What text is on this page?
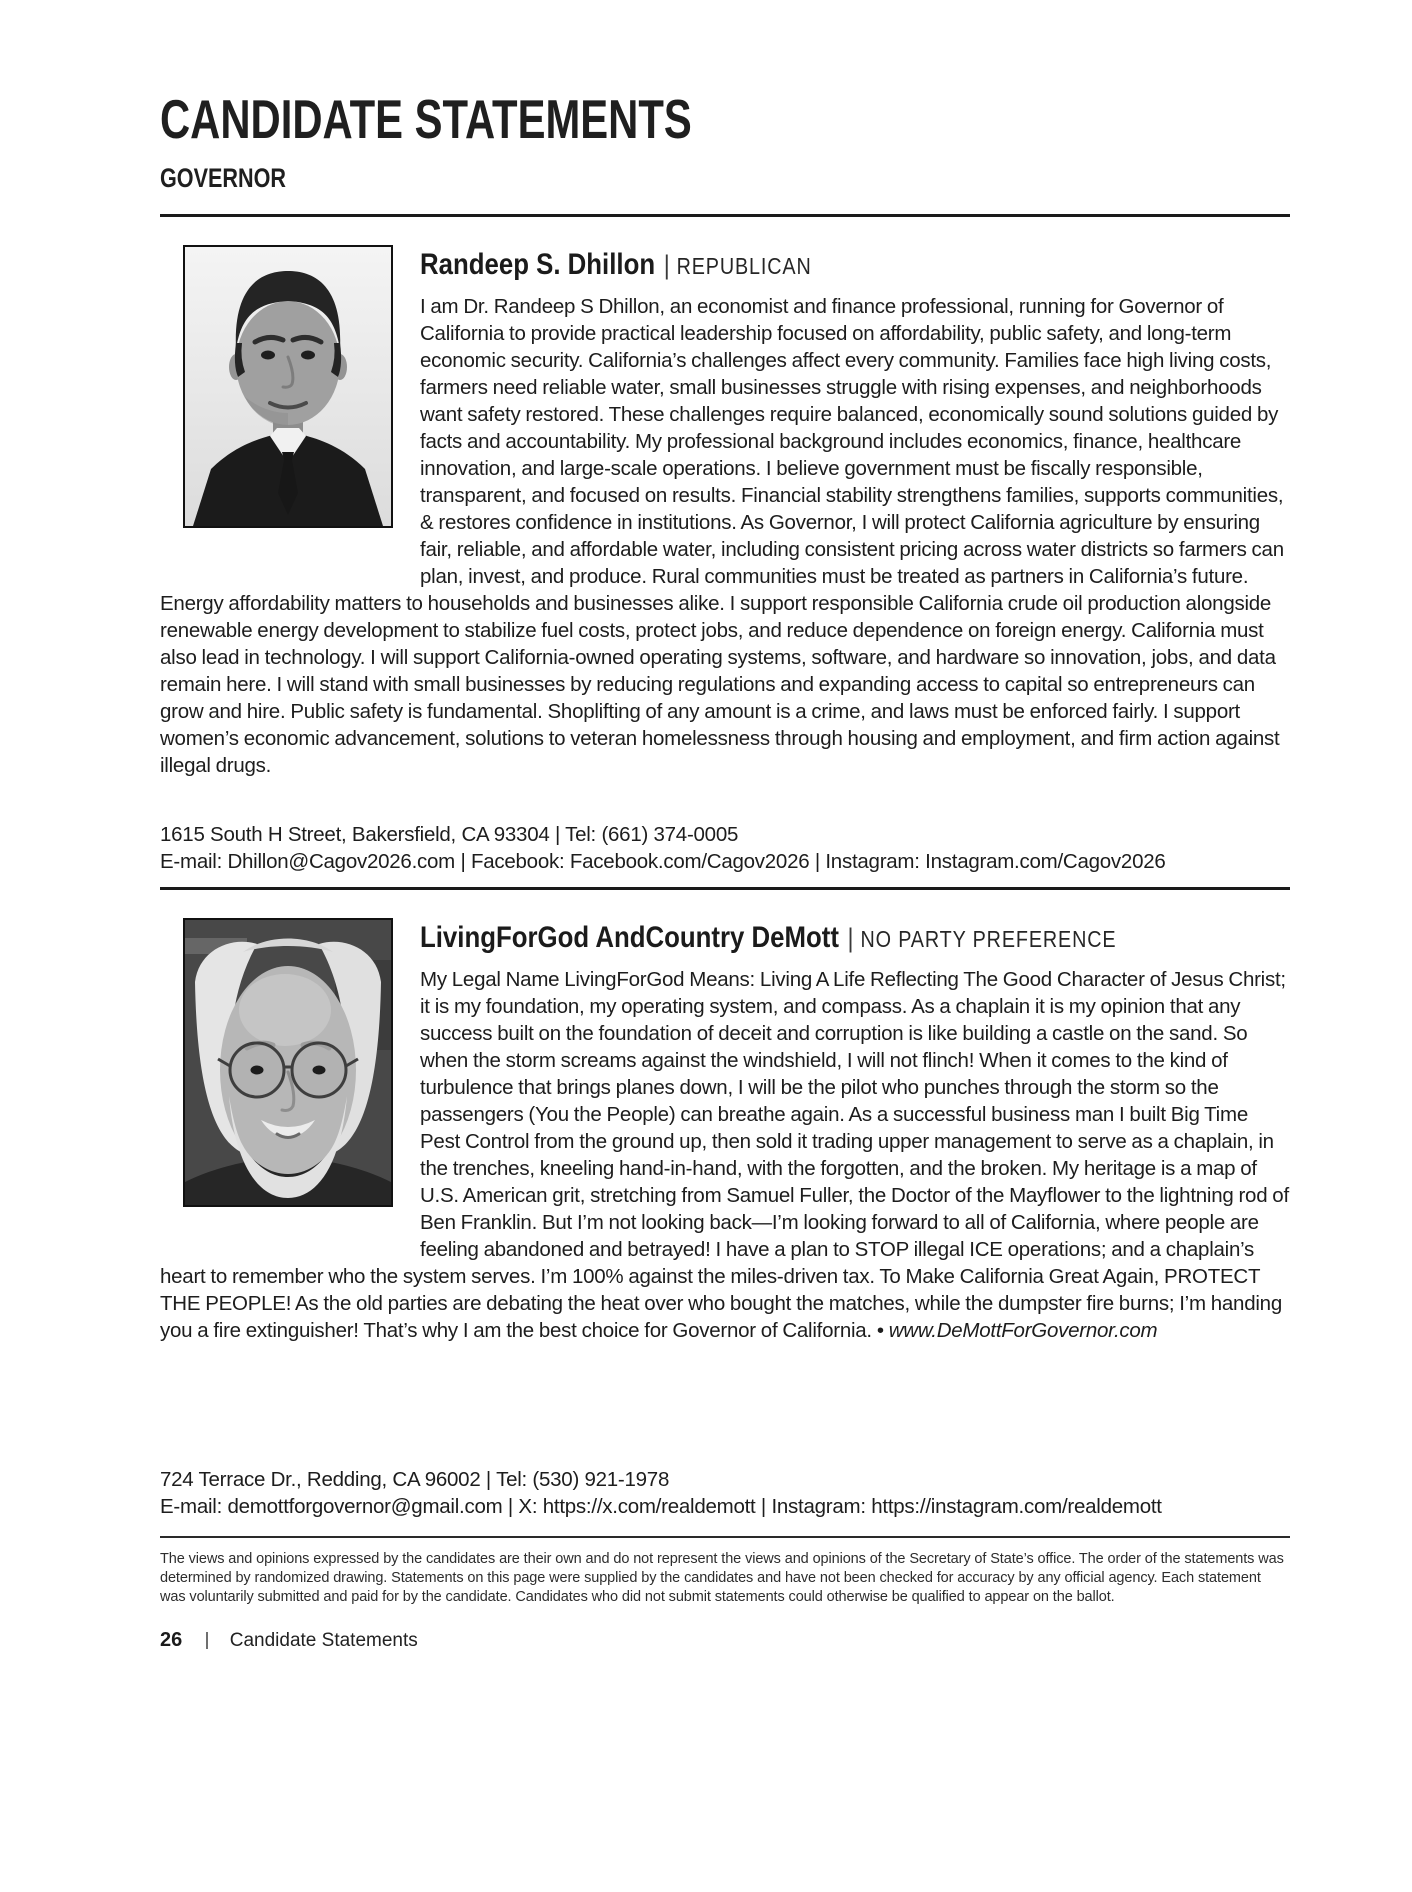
CANDIDATE STATEMENTS
GOVERNOR
Randeep S. Dhillon | REPUBLICAN

I am Dr. Randeep S Dhillon, an economist and finance professional, running for Governor of California to provide practical leadership focused on affordability, public safety, and long-term economic security. California’s challenges affect every community. Families face high living costs, farmers need reliable water, small businesses struggle with rising expenses, and neighborhoods want safety restored. These challenges require balanced, economically sound solutions guided by facts and accountability. My professional background includes economics, finance, healthcare innovation, and large-scale operations. I believe government must be fiscally responsible, transparent, and focused on results. Financial stability strengthens families, supports communities, & restores confidence in institutions. As Governor, I will protect California agriculture by ensuring fair, reliable, and affordable water, including consistent pricing across water districts so farmers can plan, invest, and produce. Rural communities must be treated as partners in California’s future. Energy affordability matters to households and businesses alike. I support responsible California crude oil production alongside renewable energy development to stabilize fuel costs, protect jobs, and reduce dependence on foreign energy. California must also lead in technology. I will support California-owned operating systems, software, and hardware so innovation, jobs, and data remain here. I will stand with small businesses by reducing regulations and expanding access to capital so entrepreneurs can grow and hire. Public safety is fundamental. Shoplifting of any amount is a crime, and laws must be enforced fairly. I support women’s economic advancement, solutions to veteran homelessness through housing and employment, and firm action against illegal drugs.

1615 South H Street, Bakersfield, CA 93304 | Tel: (661) 374-0005
E-mail: Dhillon@Cagov2026.com | Facebook: Facebook.com/Cagov2026 | Instagram: Instagram.com/Cagov2026
LivingForGod AndCountry DeMott | NO PARTY PREFERENCE

My Legal Name LivingForGod Means: Living A Life Reflecting The Good Character of Jesus Christ; it is my foundation, my operating system, and compass. As a chaplain it is my opinion that any success built on the foundation of deceit and corruption is like building a castle on the sand. So when the storm screams against the windshield, I will not flinch! When it comes to the kind of turbulence that brings planes down, I will be the pilot who punches through the storm so the passengers (You the People) can breathe again. As a successful business man I built Big Time Pest Control from the ground up, then sold it trading upper management to serve as a chaplain, in the trenches, kneeling hand-in-hand, with the forgotten, and the broken. My heritage is a map of U.S. American grit, stretching from Samuel Fuller, the Doctor of the Mayflower to the lightning rod of Ben Franklin. But I’m not looking back—I’m looking forward to all of California, where people are feeling abandoned and betrayed! I have a plan to STOP illegal ICE operations; and a chaplain’s heart to remember who the system serves. I’m 100% against the miles-driven tax. To Make California Great Again, PROTECT THE PEOPLE! As the old parties are debating the heat over who bought the matches, while the dumpster fire burns; I’m handing you a fire extinguisher! That’s why I am the best choice for Governor of California. • www.DeMottForGovernor.com

724 Terrace Dr., Redding, CA 96002 | Tel: (530) 921-1978
E-mail: demottforgovernor@gmail.com | X: https://x.com/realdemott | Instagram: https://instagram.com/realdemott

The views and opinions expressed by the candidates are their own and do not represent the views and opinions of the Secretary of State’s office. The order of the statements was determined by randomized drawing. Statements on this page were supplied by the candidates and have not been checked for accuracy by any official agency. Each statement was voluntarily submitted and paid for by the candidate. Candidates who did not submit statements could otherwise be qualified to appear on the ballot.

26	Candidate Statements
